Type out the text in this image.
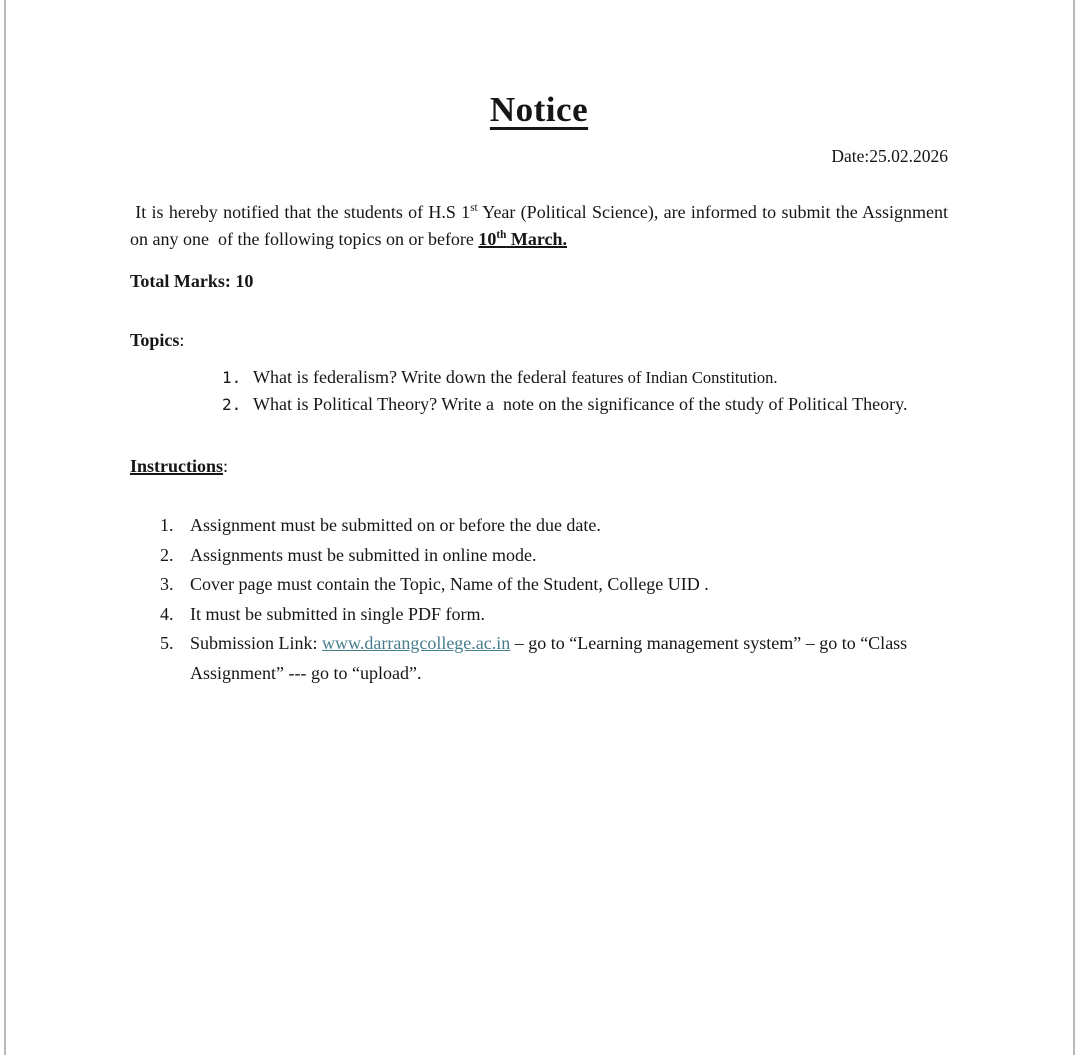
Notice
Date:25.02.2026

It is hereby notified that the students of H.S 1st Year (Political Science), are informed to submit the Assignment on any one  of the following topics on or before 10th March.

Total Marks: 10
Topics:
1. What is federalism? Write down the federal features of Indian Constitution.
2. What is Political Theory? Write a  note on the significance of the study of Political Theory.
Instructions:
1. Assignment must be submitted on or before the due date.
2. Assignments must be submitted in online mode.
3. Cover page must contain the Topic, Name of the Student, College UID .
4. It must be submitted in single PDF form.
5. Submission Link: www.darrangcollege.ac.in – go to “Learning management system” – go to “Class Assignment” --- go to “upload”.
